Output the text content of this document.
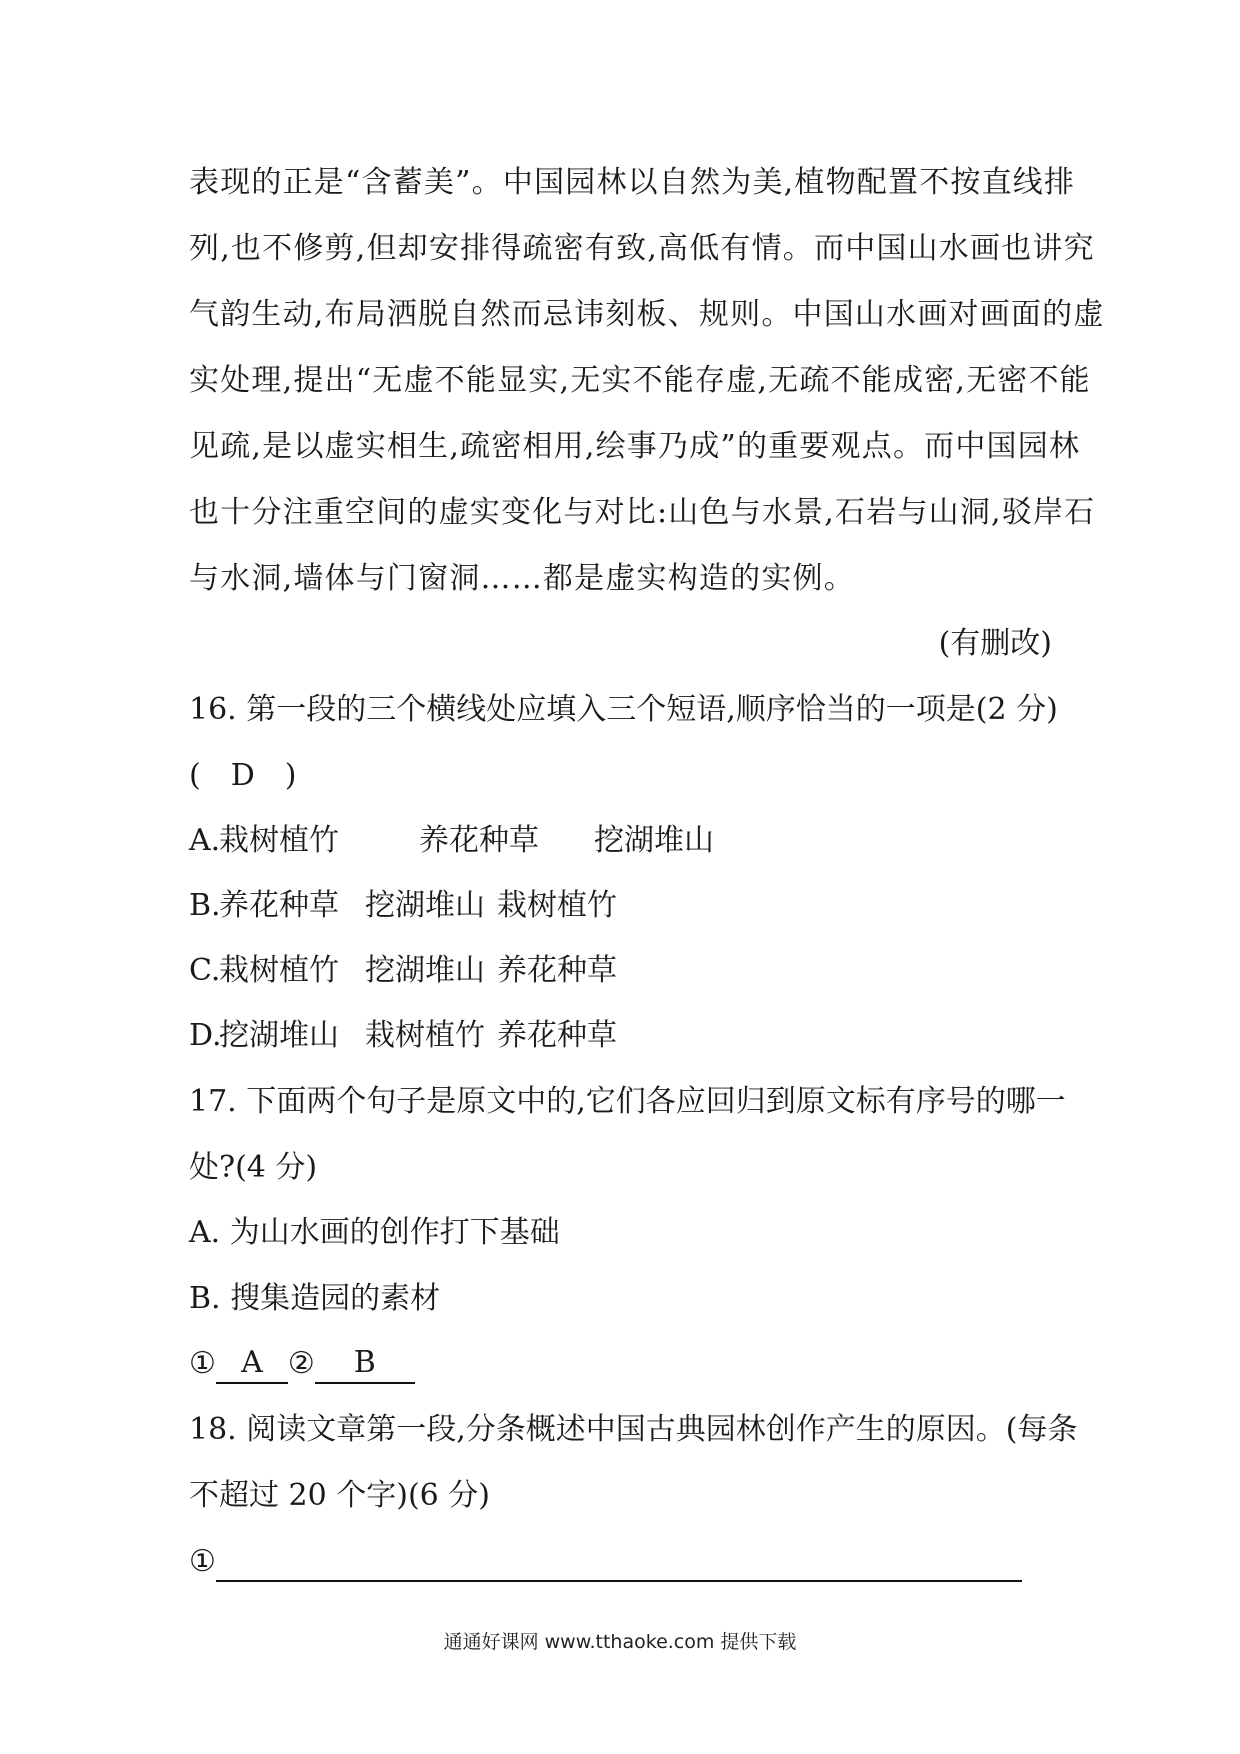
表现的正是“含蓄美”。中国园林以自然为美,植物配置不按直线排
列,也不修剪,但却安排得疏密有致,高低有情。而中国山水画也讲究
气韵生动,布局洒脱自然而忌讳刻板、规则。中国山水画对画面的虚
实处理,提出“无虚不能显实,无实不能存虚,无疏不能成密,无密不能
见疏,是以虚实相生,疏密相用,绘事乃成”的重要观点。而中国园林
也十分注重空间的虚实变化与对比:山色与水景,石岩与山洞,驳岸石
与水洞,墙体与门窗洞……都是虚实构造的实例。
(有删改)
16. 第一段的三个横线处应填入三个短语,顺序恰当的一项是(2 分)
(　D　)
A.栽树植竹	养花种草 挖湖堆山
B.养花种草 挖湖堆山 栽树植竹
C.栽树植竹 挖湖堆山 养花种草
D.挖湖堆山 栽树植竹 养花种草
17. 下面两个句子是原文中的,它们各应回归到原文标有序号的哪一
处?(4 分)
A. 为山水画的创作打下基础
B. 搜集造园的素材
① A ② B
18. 阅读文章第一段,分条概述中国古典园林创作产生的原因。(每条
不超过 20 个字)(6 分)
①
通通好课网 www.tthaoke.com 提供下载
